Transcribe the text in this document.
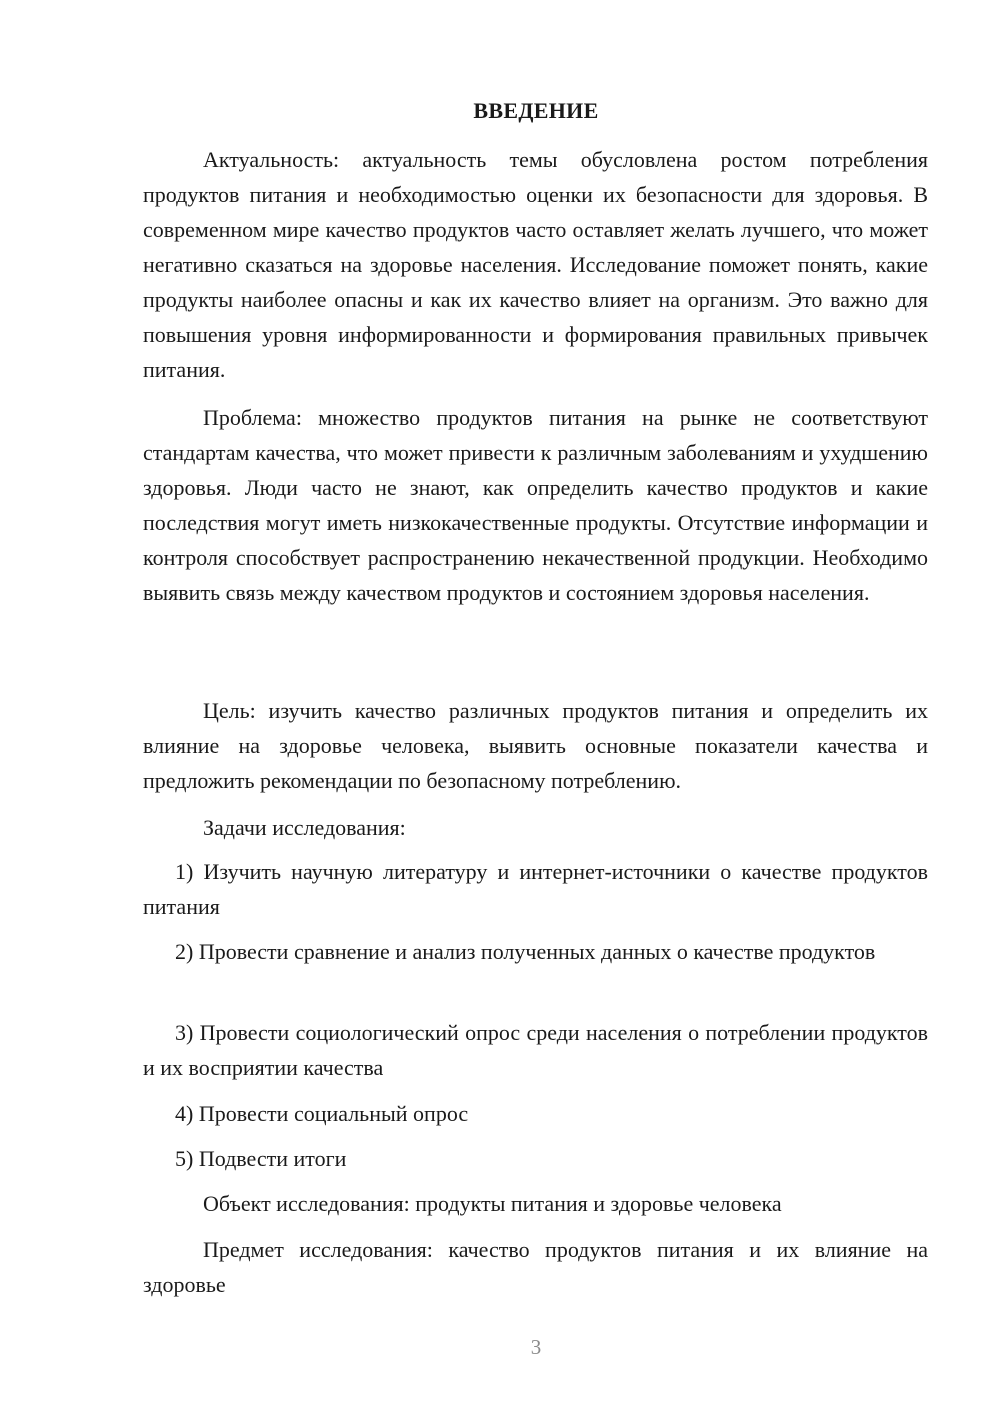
ВВЕДЕНИЕ

Актуальность: актуальность темы обусловлена ростом потребления продуктов питания и необходимостью оценки их безопасности для здоровья. В современном мире качество продуктов часто оставляет желать лучшего, что может негативно сказаться на здоровье населения. Исследование поможет понять, какие продукты наиболее опасны и как их качество влияет на организм. Это важно для повышения уровня информированности и формирования правильных привычек питания.

Проблема: множество продуктов питания на рынке не соответствуют стандартам качества, что может привести к различным заболеваниям и ухудшению здоровья. Люди часто не знают, как определить качество продуктов и какие последствия могут иметь низкокачественные продукты. Отсутствие информации и контроля способствует распространению некачественной продукции. Необходимо выявить связь между качеством продуктов и состоянием здоровья населения.

Цель: изучить качество различных продуктов питания и определить их влияние на здоровье человека, выявить основные показатели качества и предложить рекомендации по безопасному потреблению.

Задачи исследования:

1) Изучить научную литературу и интернет-источники о качестве продуктов питания

2) Провести сравнение и анализ полученных данных о качестве продуктов

3) Провести социологический опрос среди населения о потреблении продуктов и их восприятии качества

4) Провести социальный опрос
5) Подвести итоги
Объект исследования: продукты питания и здоровье человека

Предмет исследования: качество продуктов питания и их влияние на здоровье

3
